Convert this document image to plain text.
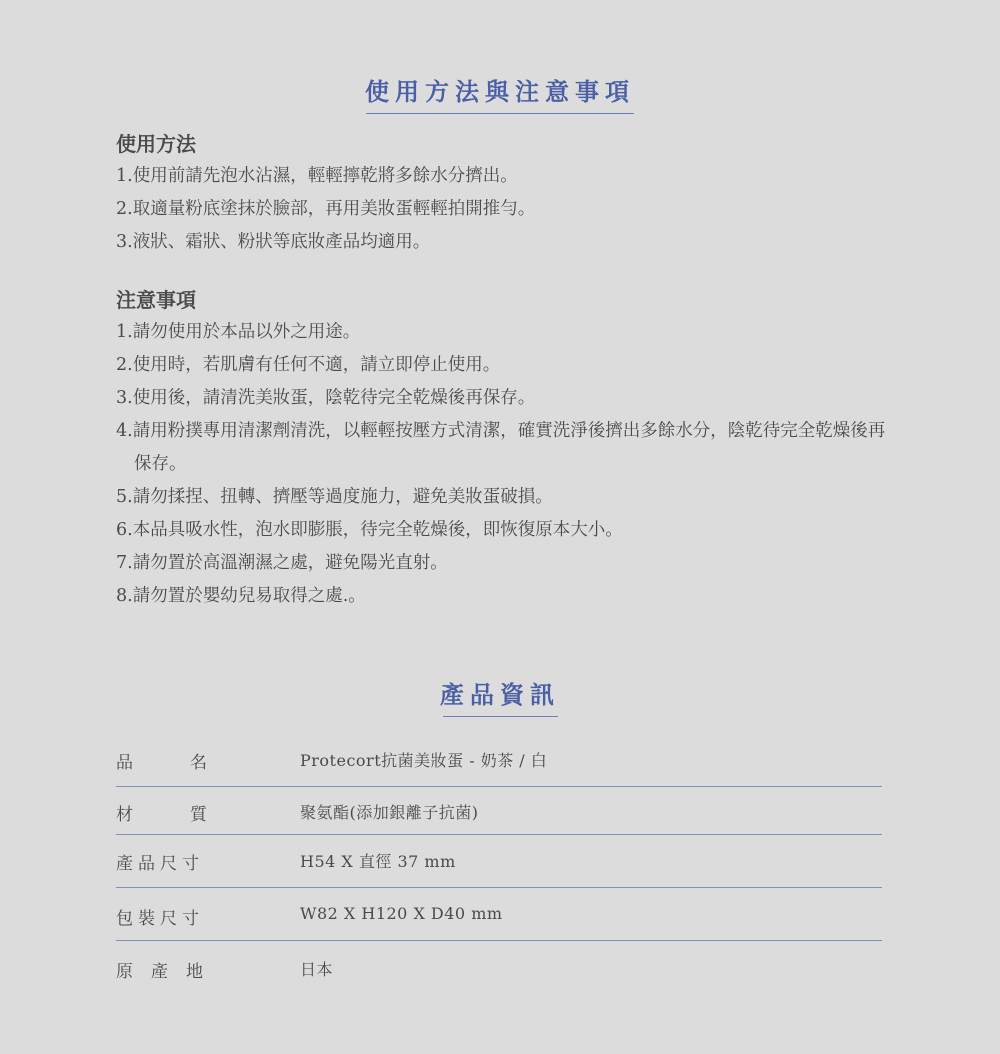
使用方法與注意事項
使用方法
1.使用前請先泡水沾濕，輕輕擰乾將多餘水分擠出。
2.取適量粉底塗抹於臉部，再用美妝蛋輕輕拍開推勻。
3.液狀、霜狀、粉狀等底妝產品均適用。
注意事項
1.請勿使用於本品以外之用途。
2.使用時，若肌膚有任何不適，請立即停止使用。
3.使用後，請清洗美妝蛋，陰乾待完全乾燥後再保存。
4.請用粉撲專用清潔劑清洗，以輕輕按壓方式清潔，確實洗淨後擠出多餘水分，陰乾待完全乾燥後再保存。
5.請勿揉捏、扭轉、擠壓等過度施力，避免美妝蛋破損。
6.本品具吸水性，泡水即膨脹，待完全乾燥後，即恢復原本大小。
7.請勿置於高溫潮濕之處，避免陽光直射。
8.請勿置於嬰幼兒易取得之處.。
產品資訊
品名 Protecort抗菌美妝蛋 - 奶茶 / 白
材質 聚氨酯(添加銀離子抗菌)
產品尺寸	H54 X 直徑 37 mm
包裝尺寸	W82 X H120 X D40 mm
原產地	日本
